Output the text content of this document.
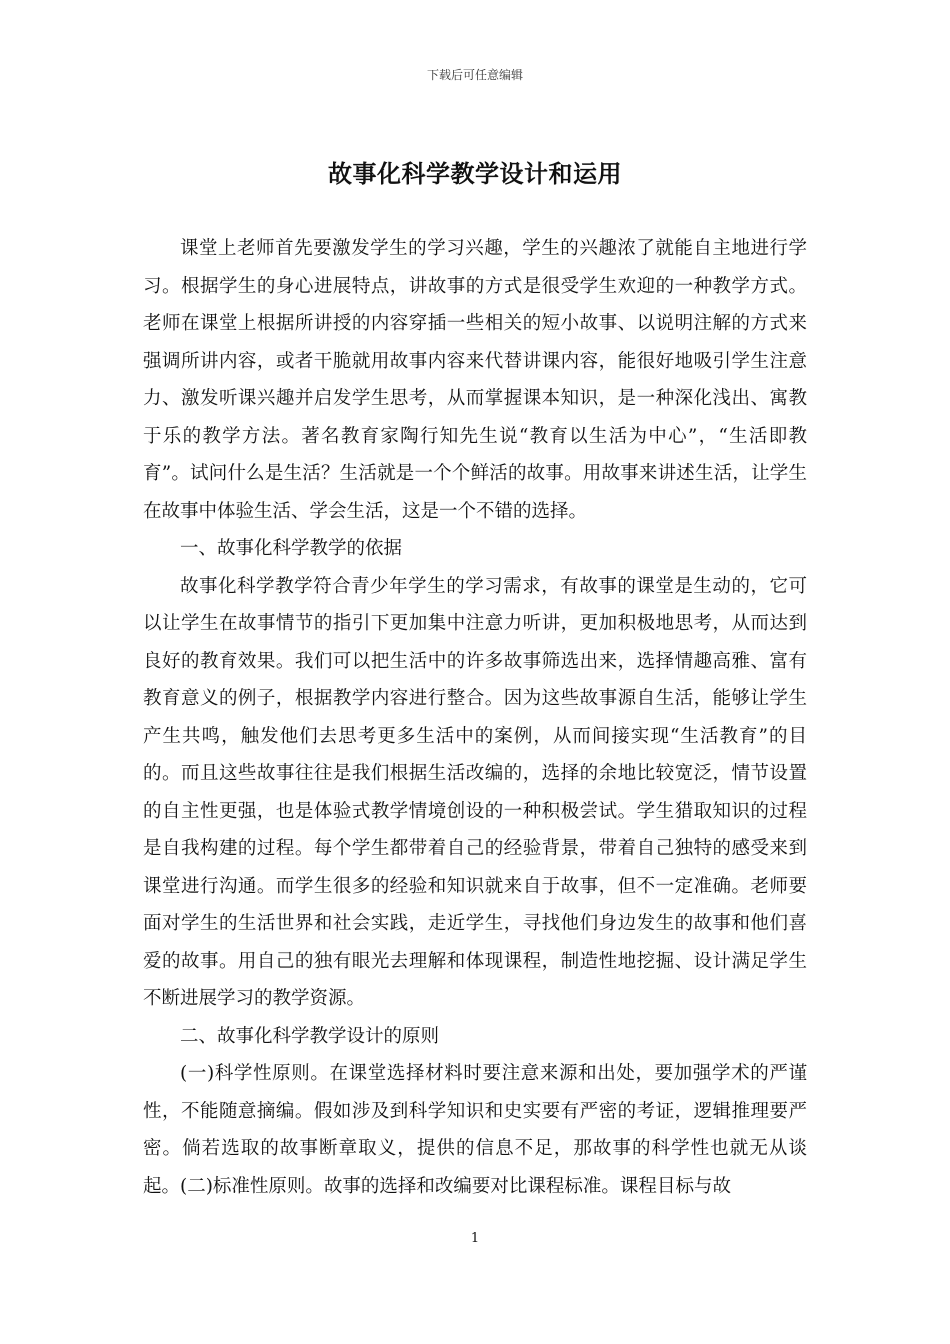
下载后可任意编辑
故事化科学教学设计和运用

课堂上老师首先要激发学生的学习兴趣，学生的兴趣浓了就能自主地进行学习。根据学生的身心进展特点，讲故事的方式是很受学生欢迎的一种教学方式。老师在课堂上根据所讲授的内容穿插一些相关的短小故事、以说明注解的方式来强调所讲内容，或者干脆就用故事内容来代替讲课内容，能很好地吸引学生注意力、激发听课兴趣并启发学生思考，从而掌握课本知识，是一种深化浅出、寓教于乐的教学方法。著名教育家陶行知先生说“教育以生活为中心”，“生活即教育”。试问什么是生活？生活就是一个个鲜活的故事。用故事来讲述生活，让学生在故事中体验生活、学会生活，这是一个不错的选择。

一、故事化科学教学的依据

故事化科学教学符合青少年学生的学习需求，有故事的课堂是生动的，它可以让学生在故事情节的指引下更加集中注意力听讲，更加积极地思考，从而达到良好的教育效果。我们可以把生活中的许多故事筛选出来，选择情趣高雅、富有教育意义的例子，根据教学内容进行整合。因为这些故事源自生活，能够让学生产生共鸣，触发他们去思考更多生活中的案例，从而间接实现“生活教育”的目的。而且这些故事往往是我们根据生活改编的，选择的余地比较宽泛，情节设置的自主性更强，也是体验式教学情境创设的一种积极尝试。学生猎取知识的过程是自我构建的过程。每个学生都带着自己的经验背景，带着自己独特的感受来到课堂进行沟通。而学生很多的经验和知识就来自于故事，但不一定准确。老师要面对学生的生活世界和社会实践，走近学生，寻找他们身边发生的故事和他们喜爱的故事。用自己的独有眼光去理解和体现课程，制造性地挖掘、设计满足学生不断进展学习的教学资源。

二、故事化科学教学设计的原则

(一)科学性原则。在课堂选择材料时要注意来源和出处，要加强学术的严谨性，不能随意摘编。假如涉及到科学知识和史实要有严密的考证，逻辑推理要严密。倘若选取的故事断章取义，提供的信息不足，那故事的科学性也就无从谈起。(二)标准性原则。故事的选择和改编要对比课程标准。课程目标与故

1
